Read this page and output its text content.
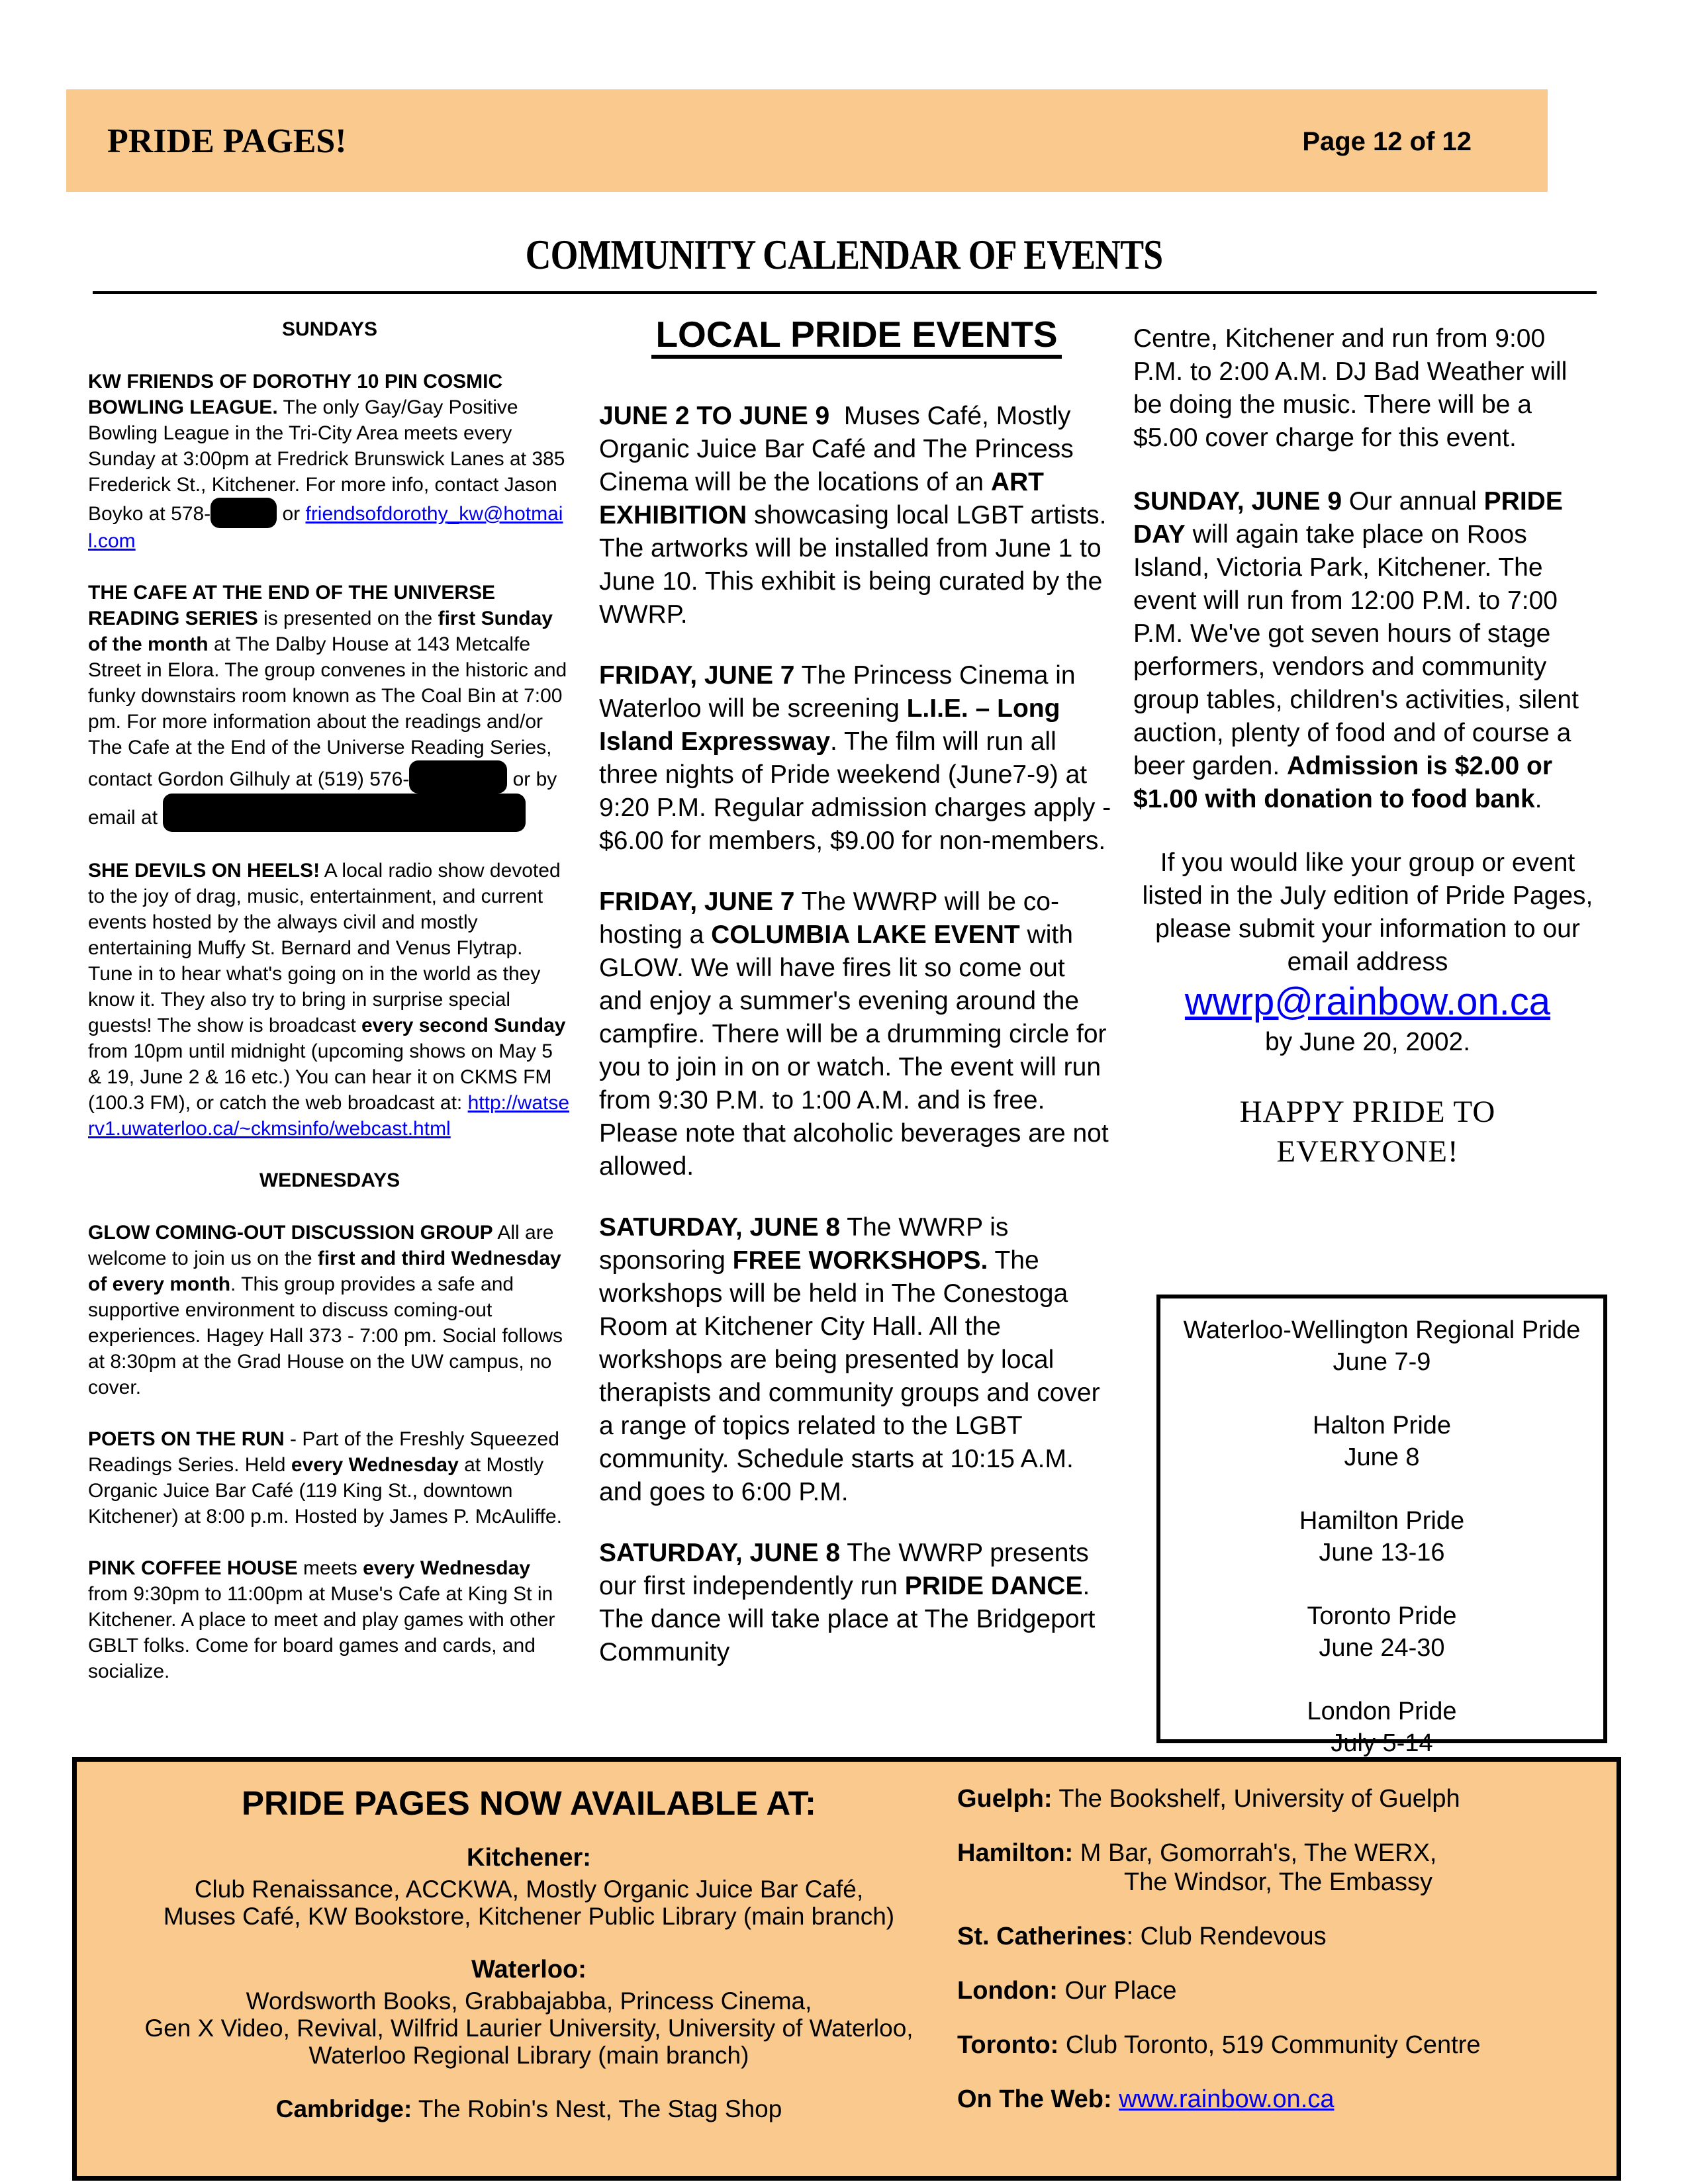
PRIDE PAGES!	Page 12 of 12
COMMUNITY CALENDAR OF EVENTS
SUNDAYS

KW FRIENDS OF DOROTHY 10 PIN COSMIC BOWLING LEAGUE. The only Gay/Gay Positive Bowling League in the Tri-City Area meets every Sunday at 3:00pm at Fredrick Brunswick Lanes at 385 Frederick St., Kitchener. For more info, contact Jason Boyko at 578-	or friendsofdorothy_kw@hotmail.com

THE CAFE AT THE END OF THE UNIVERSE READING SERIES is presented on the first Sunday of the month at The Dalby House at 143 Metcalfe Street in Elora. The group convenes in the historic and funky downstairs room known as The Coal Bin at 7:00 pm. For more information about the readings and/or The Cafe at the End of the Universe Reading Series, contact Gordon Gilhuly at (519) 576-	or by email at

SHE DEVILS ON HEELS! A local radio show devoted to the joy of drag, music, entertainment, and current events hosted by the always civil and mostly entertaining Muffy St. Bernard and Venus Flytrap. Tune in to hear what's going on in the world as they know it. They also try to bring in surprise special guests! The show is broadcast every second Sunday from 10pm until midnight (upcoming shows on May 5 & 19, June 2 & 16 etc.) You can hear it on CKMS FM (100.3 FM), or catch the web broadcast at: http://watserv1.uwaterloo.ca/~ckmsinfo/webcast.html

WEDNESDAYS

GLOW COMING-OUT DISCUSSION GROUP All are welcome to join us on the first and third Wednesday of every month. This group provides a safe and supportive environment to discuss coming-out experiences. Hagey Hall 373 - 7:00 pm. Social follows at 8:30pm at the Grad House on the UW campus, no cover.

POETS ON THE RUN - Part of the Freshly Squeezed Readings Series. Held every Wednesday at Mostly Organic Juice Bar Café (119 King St., downtown Kitchener) at 8:00 p.m. Hosted by James P. McAuliffe.

PINK COFFEE HOUSE meets every Wednesday from 9:30pm to 11:00pm at Muse's Cafe at King St in Kitchener. A place to meet and play games with other GBLT folks. Come for board games and cards, and socialize.

LOCAL PRIDE EVENTS

JUNE 2 TO JUNE 9  Muses Café, Mostly Organic Juice Bar Café and The Princess Cinema will be the locations of an ART EXHIBITION showcasing local LGBT artists. The artworks will be installed from June 1 to June 10. This exhibit is being curated by the WWRP.

FRIDAY, JUNE 7 The Princess Cinema in Waterloo will be screening L.I.E. – Long Island Expressway. The film will run all three nights of Pride weekend (June7-9) at 9:20 P.M. Regular admission charges apply - $6.00 for members, $9.00 for non-members.

FRIDAY, JUNE 7 The WWRP will be co-hosting a COLUMBIA LAKE EVENT with GLOW. We will have fires lit so come out and enjoy a summer's evening around the campfire. There will be a drumming circle for you to join in on or watch. The event will run from 9:30 P.M. to 1:00 A.M. and is free. Please note that alcoholic beverages are not allowed.

SATURDAY, JUNE 8 The WWRP is sponsoring FREE WORKSHOPS. The workshops will be held in The Conestoga Room at Kitchener City Hall. All the workshops are being presented by local therapists and community groups and cover a range of topics related to the LGBT community. Schedule starts at 10:15 A.M. and goes to 6:00 P.M.

SATURDAY, JUNE 8 The WWRP presents our first independently run PRIDE DANCE. The dance will take place at The Bridgeport Community

Centre, Kitchener and run from 9:00 P.M. to 2:00 A.M. DJ Bad Weather will be doing the music. There will be a $5.00 cover charge for this event.

SUNDAY, JUNE 9 Our annual PRIDE DAY will again take place on Roos Island, Victoria Park, Kitchener. The event will run from 12:00 P.M. to 7:00 P.M. We've got seven hours of stage performers, vendors and community group tables, children's activities, silent auction, plenty of food and of course a beer garden. Admission is $2.00 or $1.00 with donation to food bank.

If you would like your group or event listed in the July edition of Pride Pages, please submit your information to our email address
wwrp@rainbow.on.ca
by June 20, 2002.
HAPPY PRIDE TO
EVERYONE!
Waterloo-Wellington Regional Pride
June 7-9
Halton Pride
June 8
Hamilton Pride
June 13-16
Toronto Pride
June 24-30
London Pride
July 5-14
PRIDE PAGES NOW AVAILABLE AT:
Kitchener:
Club Renaissance, ACCKWA, Mostly Organic Juice Bar Café,
Muses Café, KW Bookstore, Kitchener Public Library (main branch)
Waterloo:
Wordsworth Books, Grabbajabba, Princess Cinema,
Gen X Video, Revival, Wilfrid Laurier University, University of Waterloo,
Waterloo Regional Library (main branch)
Cambridge: The Robin's Nest, The Stag Shop
Guelph: The Bookshelf, University of Guelph
Hamilton: M Bar, Gomorrah's, The WERX,
The Windsor, The Embassy
St. Catherines: Club Rendevous
London: Our Place
Toronto: Club Toronto, 519 Community Centre
On The Web: www.rainbow.on.ca
